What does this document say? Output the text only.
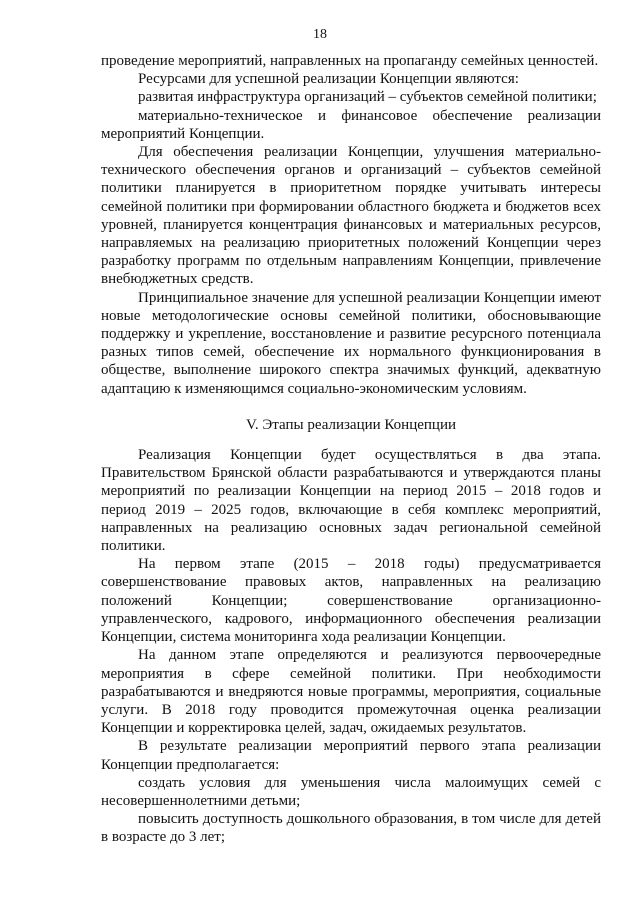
18

проведение мероприятий, направленных на пропаганду семейных ценностей.

Ресурсами для успешной реализации Концепции являются:

развитая инфраструктура организаций – субъектов семейной политики;

материально-техническое и финансовое обеспечение реализации мероприятий Концепции.

Для обеспечения реализации Концепции, улучшения материально-технического обеспечения органов и организаций – субъектов семейной политики планируется в приоритетном порядке учитывать интересы семейной политики при формировании областного бюджета и бюджетов всех уровней, планируется концентрация финансовых и материальных ресурсов, направляемых на реализацию приоритетных положений Концепции через разработку программ по отдельным направлениям Концепции, привлечение внебюджетных средств.

Принципиальное значение для успешной реализации Концепции имеют новые методологические основы семейной политики, обосновывающие поддержку и укрепление, восстановление и развитие ресурсного потенциала разных типов семей, обеспечение их нормального функционирования в обществе, выполнение широкого спектра значимых функций, адекватную адаптацию к изменяющимся социально-экономическим условиям.

V. Этапы реализации Концепции

Реализация Концепции будет осуществляться в два этапа. Правительством Брянской области разрабатываются и утверждаются планы мероприятий по реализации Концепции на период 2015 – 2018 годов и период 2019 – 2025 годов, включающие в себя комплекс мероприятий, направленных на реализацию основных задач региональной семейной политики.

На первом этапе (2015 – 2018 годы) предусматривается совершенствование правовых актов, направленных на реализацию положений Концепции; совершенствование организационно-управленческого, кадрового, информационного обеспечения реализации Концепции, система мониторинга хода реализации Концепции.

На данном этапе определяются и реализуются первоочередные мероприятия в сфере семейной политики. При необходимости разрабатываются и внедряются новые программы, мероприятия, социальные услуги. В 2018 году проводится промежуточная оценка реализации Концепции и корректировка целей, задач, ожидаемых результатов.

В результате реализации мероприятий первого этапа реализации Концепции предполагается:

создать условия для уменьшения числа малоимущих семей с несовершеннолетними детьми;

повысить доступность дошкольного образования, в том числе для детей в возрасте до 3 лет;
